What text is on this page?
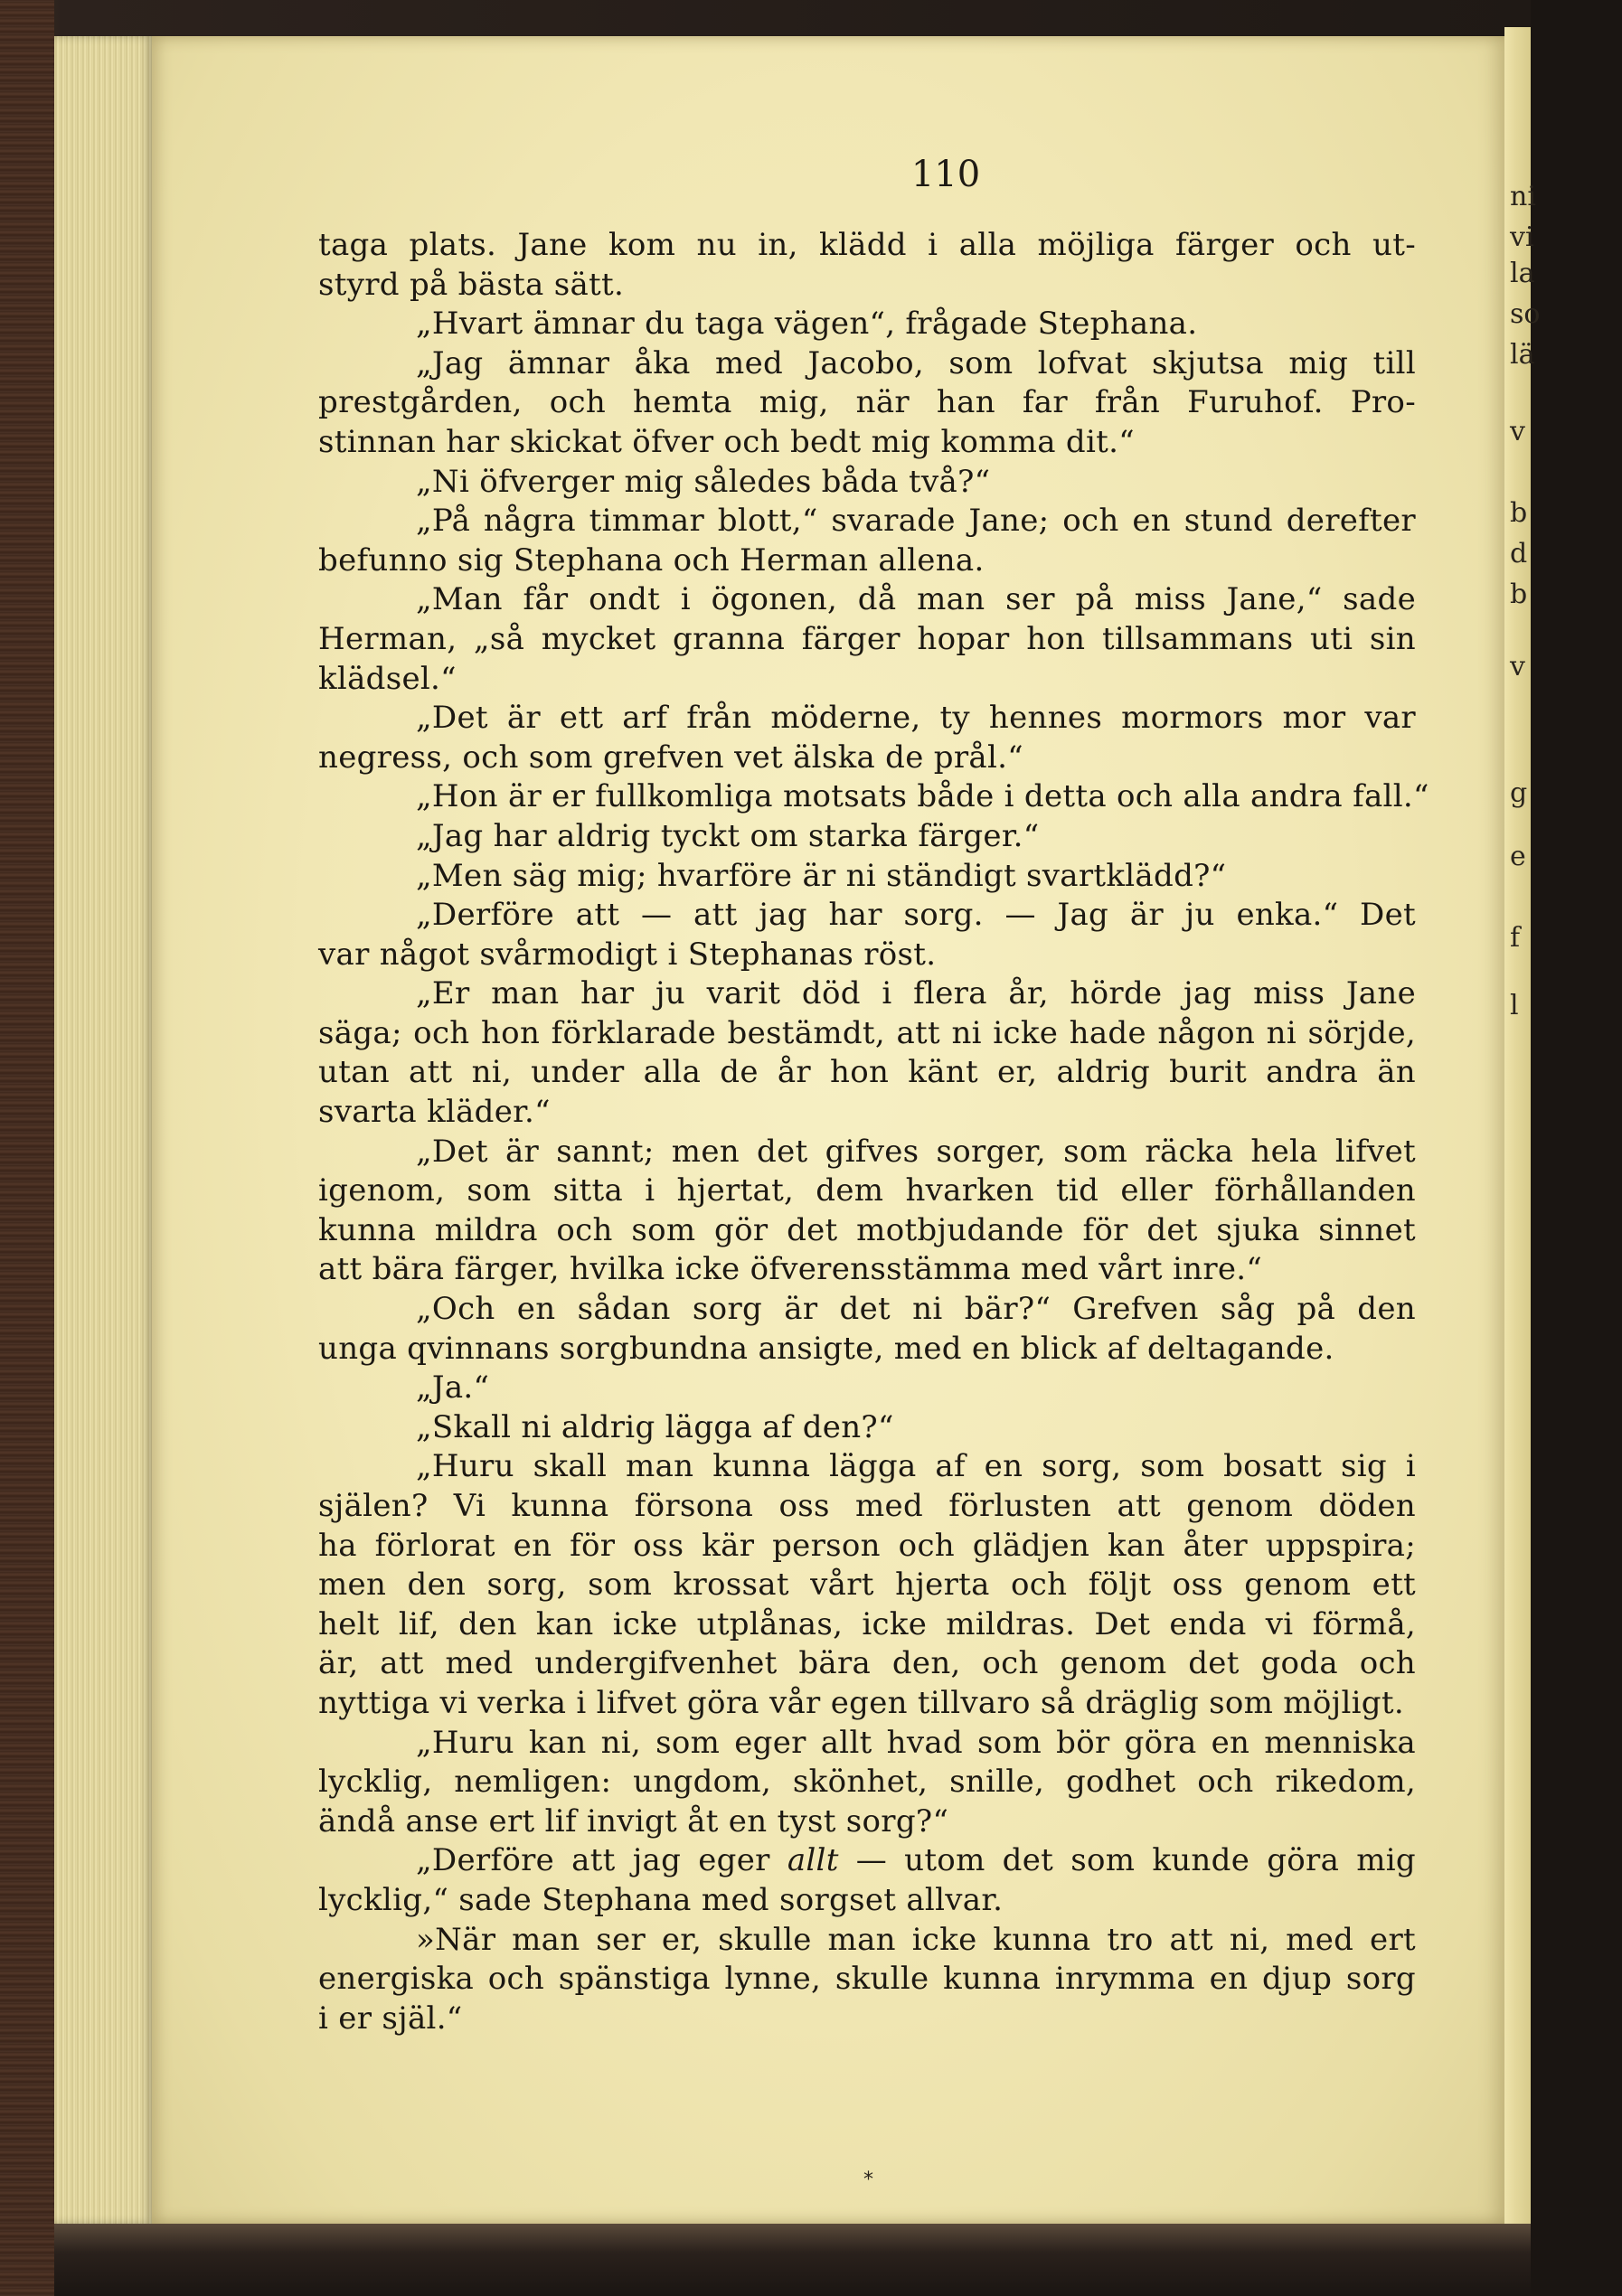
110
ni
vi
la
so
lä
v
b
d
b
v
g
e
f
l
taga plats. Jane kom nu in, klädd i alla möjliga färger och ut-
styrd på bästa sätt.
„Hvart ämnar du taga vägen“, frågade Stephana.
„Jag ämnar åka med Jacobo, som lofvat skjutsa mig till
prestgården, och hemta mig, när han far från Furuhof. Pro-
stinnan har skickat öfver och bedt mig komma dit.“
„Ni öfverger mig således båda två?“
„På några timmar blott,“ svarade Jane; och en stund derefter
befunno sig Stephana och Herman allena.
„Man får ondt i ögonen, då man ser på miss Jane,“ sade
Herman, „så mycket granna färger hopar hon tillsammans uti sin
klädsel.“
„Det är ett arf från möderne, ty hennes mormors mor var
negress, och som grefven vet älska de prål.“
„Hon är er fullkomliga motsats både i detta och alla andra fall.“
„Jag har aldrig tyckt om starka färger.“
„Men säg mig; hvarföre är ni ständigt svartklädd?“
„Derföre att — att jag har sorg. — Jag är ju enka.“ Det
var något svårmodigt i Stephanas röst.
„Er man har ju varit död i flera år, hörde jag miss Jane
säga; och hon förklarade bestämdt, att ni icke hade någon ni sörjde,
utan att ni, under alla de år hon känt er, aldrig burit andra än
svarta kläder.“
„Det är sannt; men det gifves sorger, som räcka hela lifvet
igenom, som sitta i hjertat, dem hvarken tid eller förhållanden
kunna mildra och som gör det motbjudande för det sjuka sinnet
att bära färger, hvilka icke öfverensstämma med vårt inre.“
„Och en sådan sorg är det ni bär?“ Grefven såg på den
unga qvinnans sorgbundna ansigte, med en blick af deltagande.
„Ja.“
„Skall ni aldrig lägga af den?“
„Huru skall man kunna lägga af en sorg, som bosatt sig i
själen? Vi kunna försona oss med förlusten att genom döden
ha förlorat en för oss kär person och glädjen kan åter uppspira;
men den sorg, som krossat vårt hjerta och följt oss genom ett
helt lif, den kan icke utplånas, icke mildras. Det enda vi förmå,
är, att med undergifvenhet bära den, och genom det goda och
nyttiga vi verka i lifvet göra vår egen tillvaro så dräglig som möjligt.
„Huru kan ni, som eger allt hvad som bör göra en menniska
lycklig, nemligen: ungdom, skönhet, snille, godhet och rikedom,
ändå anse ert lif invigt åt en tyst sorg?“
„Derföre att jag eger allt — utom det som kunde göra mig
lycklig,“ sade Stephana med sorgset allvar.
»När man ser er, skulle man icke kunna tro att ni, med ert
energiska och spänstiga lynne, skulle kunna inrymma en djup sorg
i er själ.“
⁎
